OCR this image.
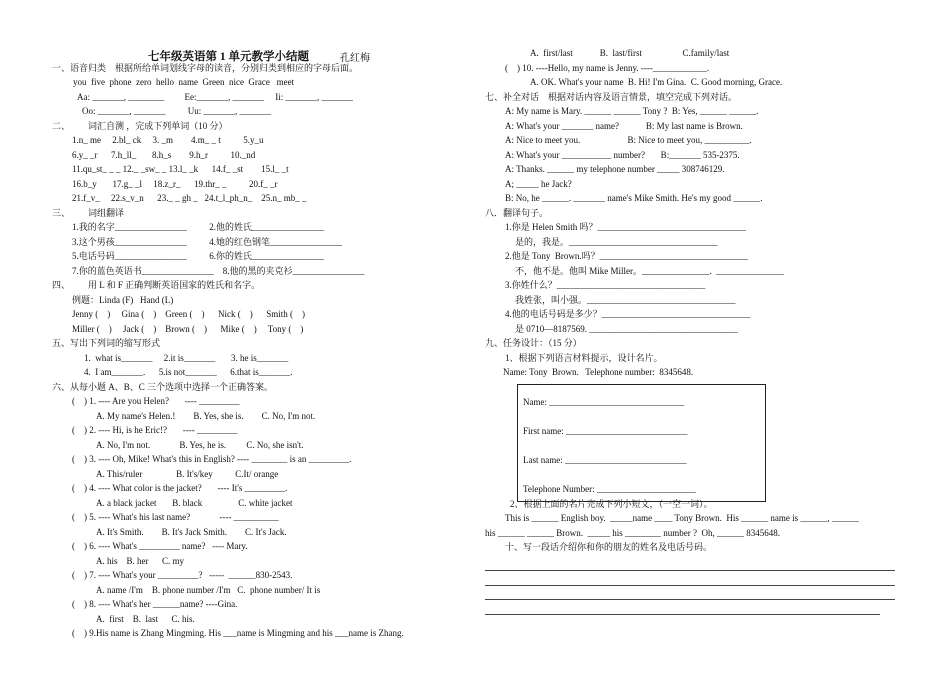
七年级英语第 1 单元教学小结题	孔红梅
一、语音归类    根据所给单词划线字母的读音，分别归类到相应的字母后面。
you  five  phone  zero  hello  name  Green  nice  Grace   meet
Aa: _______, ________         Ee:_______, _______     Ii: _______, _______
Oo: _______, _______          Uu: _______, _______
二、        词汇自测 ，完成下列单词（10 分）
1.n_ me     2.bl_ ck     3. _m        4.m_ _ t          5.y_u
6.y_ _r      7.h_ll_       8.h_s        9.h_r          10._nd
11.qu_st_ _ _ 12._ _sw_ _ 13.l_ _k      14.f_ _st        15.l_ _t
16.b_y       17.g_ _l     18.z_r_      19.thr_ _          20.f_ _r
21.f_v_     22.s_v_n      23._ _ gh _   24.t_l_ph_n_    25.n_ mb_ _
三、        词组翻译
1.我的名字________________          2.他的姓氏________________
3.这个男孩________________          4.她的红色钢笔________________
5.电话号码________________          6.你的姓氏________________
7.你的蓝色英语书________________    8.他的黑的夹克衫________________
四、        用 L 和 F 正确判断英语国家的姓氏和名字。
例题：Linda (F)   Hand (L)
Jenny (    )     Gina (    )    Green (    )      Nick (    )      Smith (    )
Miller (    )     Jack (    )    Brown (    )      Mike (    )     Tony (    )
五、写出下列词的缩写形式
1.  what is_______     2.it is_______       3. he is_______
4.  I am_______.      5.is not_______      6.that is_______.
六、从每小题 A、B、C 三个选项中选择一个正确答案。
(    ) 1. ---- Are you Helen?       ---- _________
A. My name's Helen.!        B. Yes, she is.        C. No, I'm not.
(    ) 2. ---- Hi, is he Eric!?       ---- _________
A. No, I'm not.             B. Yes, he is.         C. No, she isn't.
(    ) 3. ---- Oh, Mike! What's this in English? ---- ________ is an _________.
A. This/ruler               B. It's/key          C.It/ orange
(    ) 4. ---- What color is the jacket?       ---- It's _________.
A. a black jacket       B. black                C. white jacket
(    ) 5. ---- What's his last name?             ---- __________
A. It's Smith.        B. It's Jack Smith.        C. It's Jack.
(    ) 6. ---- What's _________ name?   ---- Mary.
A. his    B. her      C. my
(    ) 7. ---- What's your _________?   -----  ______830-2543.
A. name /I'm    B. phone number /I'm   C.  phone number/ It is
(    ) 8. ---- What's her ______name? ----Gina.
A.  first    B.  last      C. his.
(    ) 9.His name is Zhang Mingming. His ___name is Mingming and his ___name is Zhang.
A.  first/last            B.  last/first                  C.family/last
(    ) 10. ----Hello, my name is Jenny. ----____________.
A. OK. What's your name  B. Hi! I'm Gina.  C. Good morning, Grace.
七、补全对话    根据对话内容及语言情景，填空完成下列对话。
A: My name is Mary. ______ ______ Tony ?  B: Yes, ______ ______.
A: What's your _______ name?            B: My last name is Brown.
A: Nice to meet you.                     B: Nice to meet you, __________.
A: What's your ___________ number?       B:_______ 535-2375.
A: Thanks. ______ my telephone number _____ 308746129.
A; _____ he Jack?
B: No, he ______. _______ name's Mike Smith. He's my good ______.
八．翻译句子。
1.你是 Helen Smith 吗？_________________________________
是的，我是。_________________________________
2.他是 Tony  Brown.吗？_________________________________
不，他不是。他叫 Mike Miller。_______________.  _______________
3.你姓什么？_________________________________
我姓张，叫小强。_________________________________
4.他的电话号码是多少？_________________________________
是 0710—8187569. _________________________________
九、任务设计：（15 分）
1、根据下列语言材料提示，设计名片。
Name: Tony  Brown.   Telephone number:  8345648.
Name: ______________________________
First name: ___________________________
Last name: ___________________________
Telephone Number: ______________________
2、根据上面的名片完成下列小短文，（一空一词）。
This is ______ English boy.  _____name ____ Tony Brown.  His ______ name is ______, ______
his ______ ______ Brown.  _____ his ________ number ?  Oh, ______ 8345648.
十、写一段话介绍你和你的朋友的姓名及电话号码。
